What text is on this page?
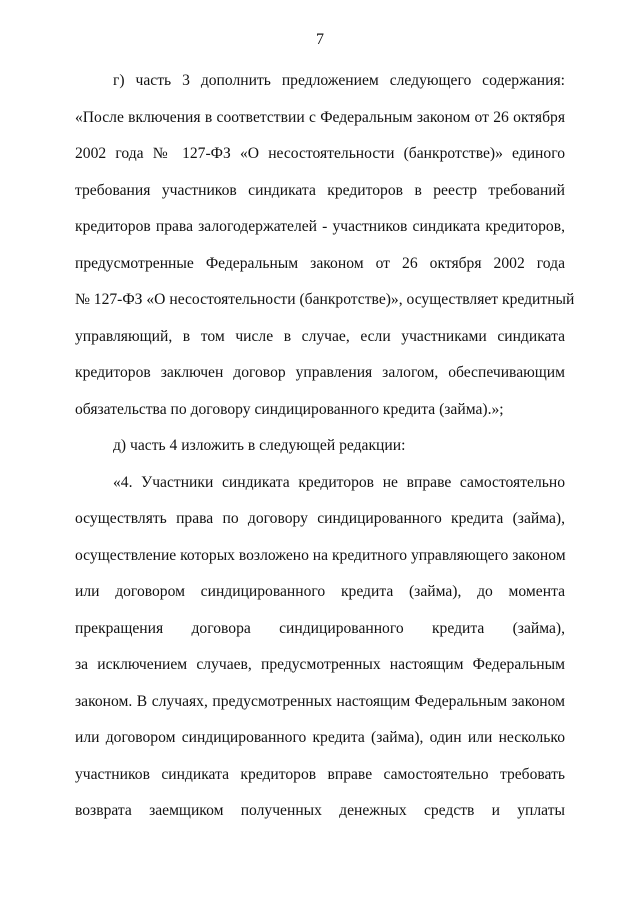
7
г) часть 3 дополнить предложением следующего содержания:
«После включения в соответствии с Федеральным законом от 26 октября
2002 года № 127-ФЗ «О несостоятельности (банкротстве)» единого
требования участников синдиката кредиторов в реестр требований
кредиторов права залогодержателей - участников синдиката кредиторов,
предусмотренные Федеральным законом от 26 октября 2002 года
№ 127-ФЗ «О несостоятельности (банкротстве)», осуществляет кредитный
управляющий, в том числе в случае, если участниками синдиката
кредиторов заключен договор управления залогом, обеспечивающим
обязательства по договору синдицированного кредита (займа).»;
д) часть 4 изложить в следующей редакции:
«4. Участники синдиката кредиторов не вправе самостоятельно
осуществлять права по договору синдицированного кредита (займа),
осуществление которых возложено на кредитного управляющего законом
или договором синдицированного кредита (займа), до момента
прекращения договора синдицированного кредита (займа),
за исключением случаев, предусмотренных настоящим Федеральным
законом. В случаях, предусмотренных настоящим Федеральным законом
или договором синдицированного кредита (займа), один или несколько
участников синдиката кредиторов вправе самостоятельно требовать
возврата заемщиком полученных денежных средств и уплаты
